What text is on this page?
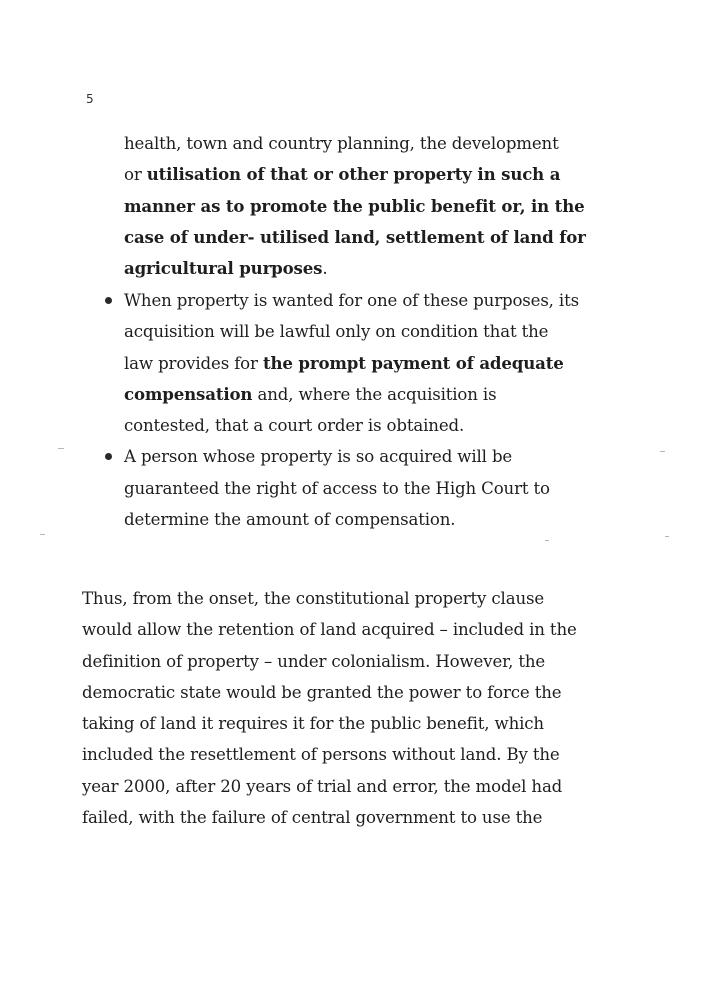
5
health, town and country planning, the development
or utilisation of that or other property in such a
manner as to promote the public benefit or, in the
case of under- utilised land, settlement of land for
agricultural purposes.
When property is wanted for one of these purposes, its
acquisition will be lawful only on condition that the
law provides for the prompt payment of adequate
compensation and, where the acquisition is
contested, that a court order is obtained.
A person whose property is so acquired will be
guaranteed the right of access to the High Court to
determine the amount of compensation.

Thus, from the onset, the constitutional property clause
would allow the retention of land acquired – included in the
definition of property – under colonialism. However, the
democratic state would be granted the power to force the
taking of land it requires it for the public benefit, which
included the resettlement of persons without land. By the
year 2000, after 20 years of trial and error, the model had
failed, with the failure of central government to use the
